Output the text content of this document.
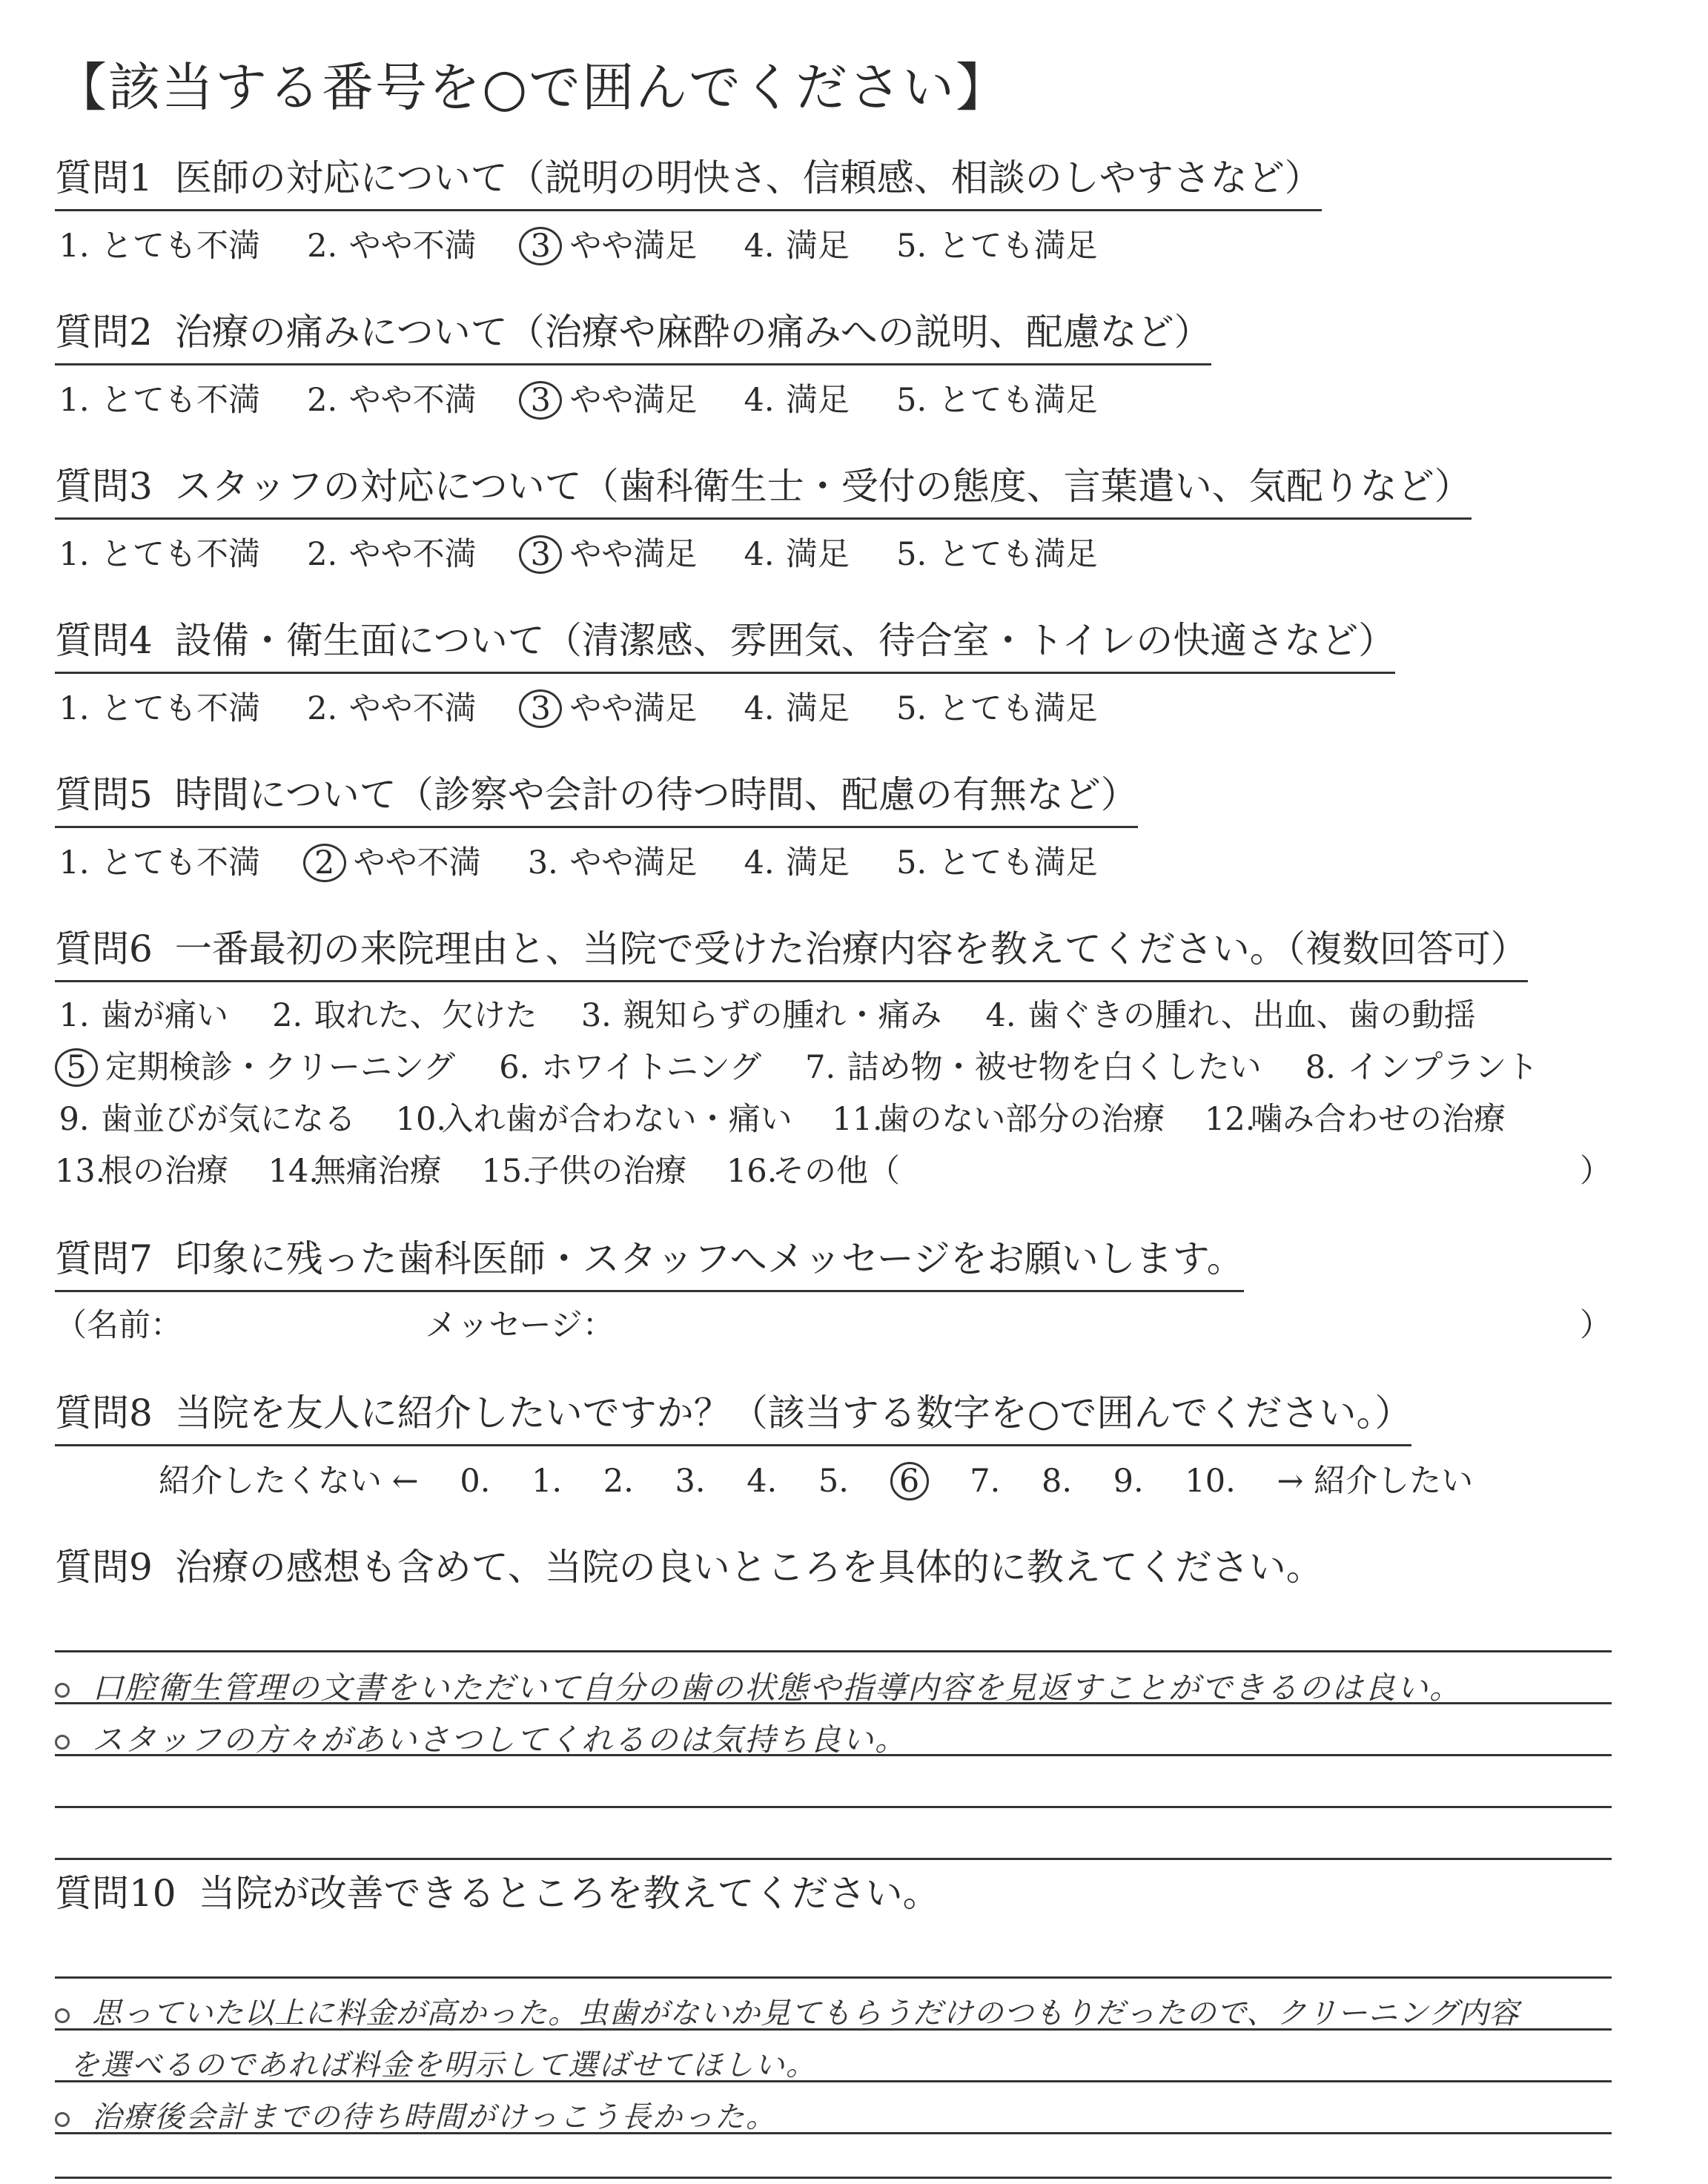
【該当する番号を○で囲んでください】
質問1 医師の対応について（説明の明快さ、信頼感、相談のしやすさなど）
1. とても不満 2. やや不満 3 やや満足 4. 満足 5. とても満足
質問2 治療の痛みについて（治療や麻酔の痛みへの説明、配慮など）
1. とても不満 2. やや不満 3 やや満足 4. 満足 5. とても満足
質問3 スタッフの対応について（歯科衛生士・受付の態度、言葉遣い、気配りなど）
1. とても不満 2. やや不満 3 やや満足 4. 満足 5. とても満足
質問4 設備・衛生面について（清潔感、雰囲気、待合室・トイレの快適さなど）
1. とても不満 2. やや不満 3 やや満足 4. 満足 5. とても満足
質問5 時間について（診察や会計の待つ時間、配慮の有無など）
1. とても不満 2 やや不満 3. やや満足 4. 満足 5. とても満足
質問6 一番最初の来院理由と、当院で受けた治療内容を教えてください。（複数回答可）
1. 歯が痛い 2. 取れた、欠けた 3. 親知らずの腫れ・痛み 4. 歯ぐきの腫れ、出血、歯の動揺
5 定期検診・クリーニング 6. ホワイトニング 7. 詰め物・被せ物を白くしたい 8. インプラント
9. 歯並びが気になる 10.入れ歯が合わない・痛い 11.歯のない部分の治療 12.噛み合わせの治療
13.根の治療 14.無痛治療 15.子供の治療 16.その他（	）
質問7 印象に残った歯科医師・スタッフへメッセージをお願いします。
（名前：	メッセージ：	）
質問8 当院を友人に紹介したいですか？（該当する数字を○で囲んでください。）
紹介したくない ← 0. 1. 2. 3. 4. 5. 6 7. 8. 9. 10. → 紹介したい
質問9 治療の感想も含めて、当院の良いところを具体的に教えてください。
口腔衛生管理の文書をいただいて自分の歯の状態や指導内容を見返すことができるのは良い。
スタッフの方々があいさつしてくれるのは気持ち良い。
質問10 当院が改善できるところを教えてください。
思っていた以上に料金が高かった。虫歯がないか見てもらうだけのつもりだったので、クリーニング内容
を選べるのであれば料金を明示して選ばせてほしい。
治療後会計までの待ち時間がけっこう長かった。
